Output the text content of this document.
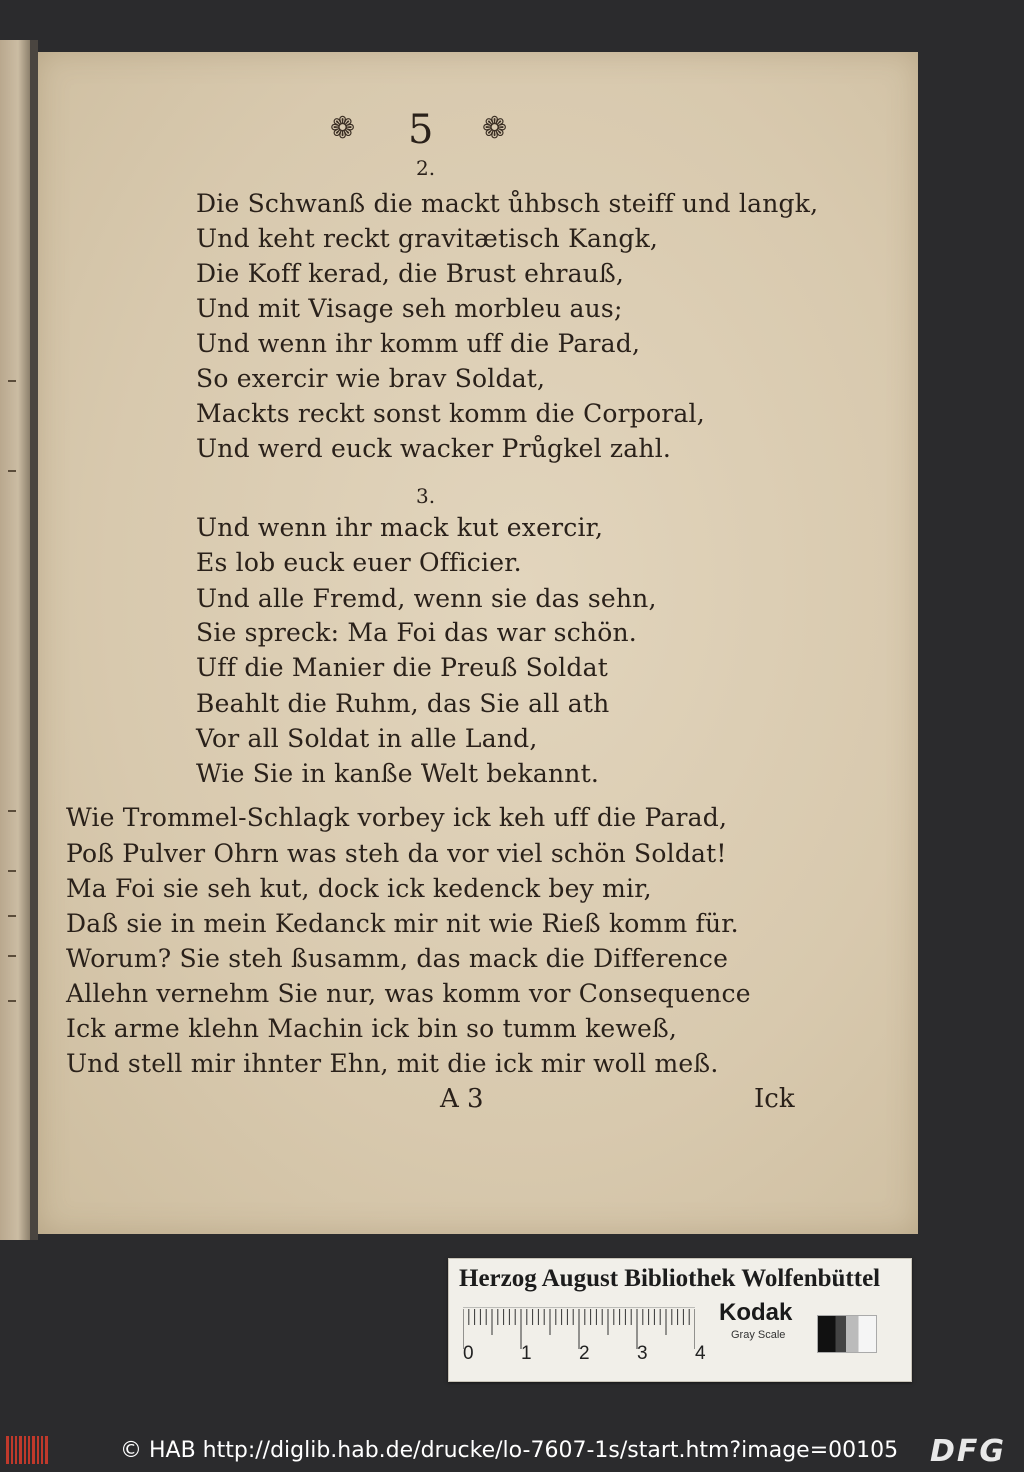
❁ 5 ❁
2.
Die Schwanß die mackt ůhbsch steiff und langk,
Und keht reckt gravitætisch Kangk,
Die Koff kerad, die Brust ehrauß,
Und mit Visage seh morbleu aus;
Und wenn ihr komm uff die Parad,
So exercir wie brav Soldat,
Mackts reckt sonst komm die Corporal,
Und werd euck wacker Průgkel zahl.
3.
Und wenn ihr mack kut exercir,
Es lob euck euer Officier.
Und alle Fremd, wenn sie das sehn,
Sie spreck: Ma Foi das war schön.
Uff die Manier die Preuß Soldat
Beahlt die Ruhm, das Sie all ath
Vor all Soldat in alle Land,
Wie Sie in kanße Welt bekannt.
Wie Trommel-Schlagk vorbey ick keh uff die Parad,
Poß Pulver Ohrn was steh da vor viel schön Soldat!
Ma Foi sie seh kut, dock ick kedenck bey mir,
Daß sie in mein Kedanck mir nit wie Rieß komm für.
Worum? Sie steh ßusamm, das mack die Difference
Allehn vernehm Sie nur, was komm vor Consequence
Ick arme klehn Machin ick bin so tumm keweß,
Und stell mir ihnter Ehn, mit die ick mir woll meß.
A 3	Ick
Herzog August Bibliothek Wolfenbüttel
0 1 2 3 4
Kodak
Gray Scale
© HAB http://diglib.hab.de/drucke/lo-7607-1s/start.htm?image=00105 DFG
